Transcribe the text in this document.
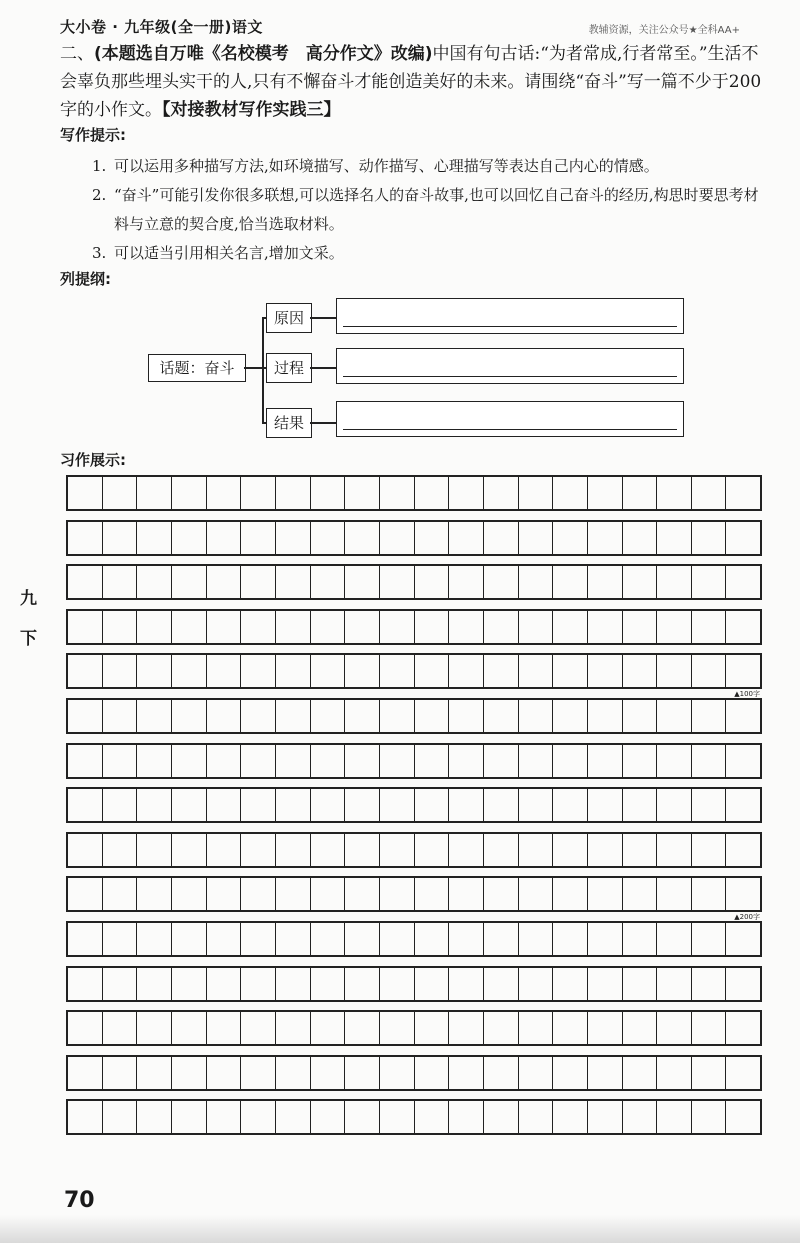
大小卷 · 九年级(全一册)语文	教辅资源，关注公众号★全科AA+
二、(本题选自万唯《名校模考　高分作文》改编)中国有句古话:“为者常成,行者常至。”生活不会辜负那些埋头实干的人,只有不懈奋斗才能创造美好的未来。请围绕“奋斗”写一篇不少于200字的小作文。【对接教材写作实践三】
写作提示:
1. 可以运用多种描写方法,如环境描写、动作描写、心理描写等表达自己内心的情感。
2. “奋斗”可能引发你很多联想,可以选择名人的奋斗故事,也可以回忆自己奋斗的经历,构思时要思考材料与立意的契合度,恰当选取材料。
3. 可以适当引用相关名言,增加文采。
列提纲:
话题：奋斗
原因
过程
结果
习作展示:
▲100字
▲200字
九
下
70
